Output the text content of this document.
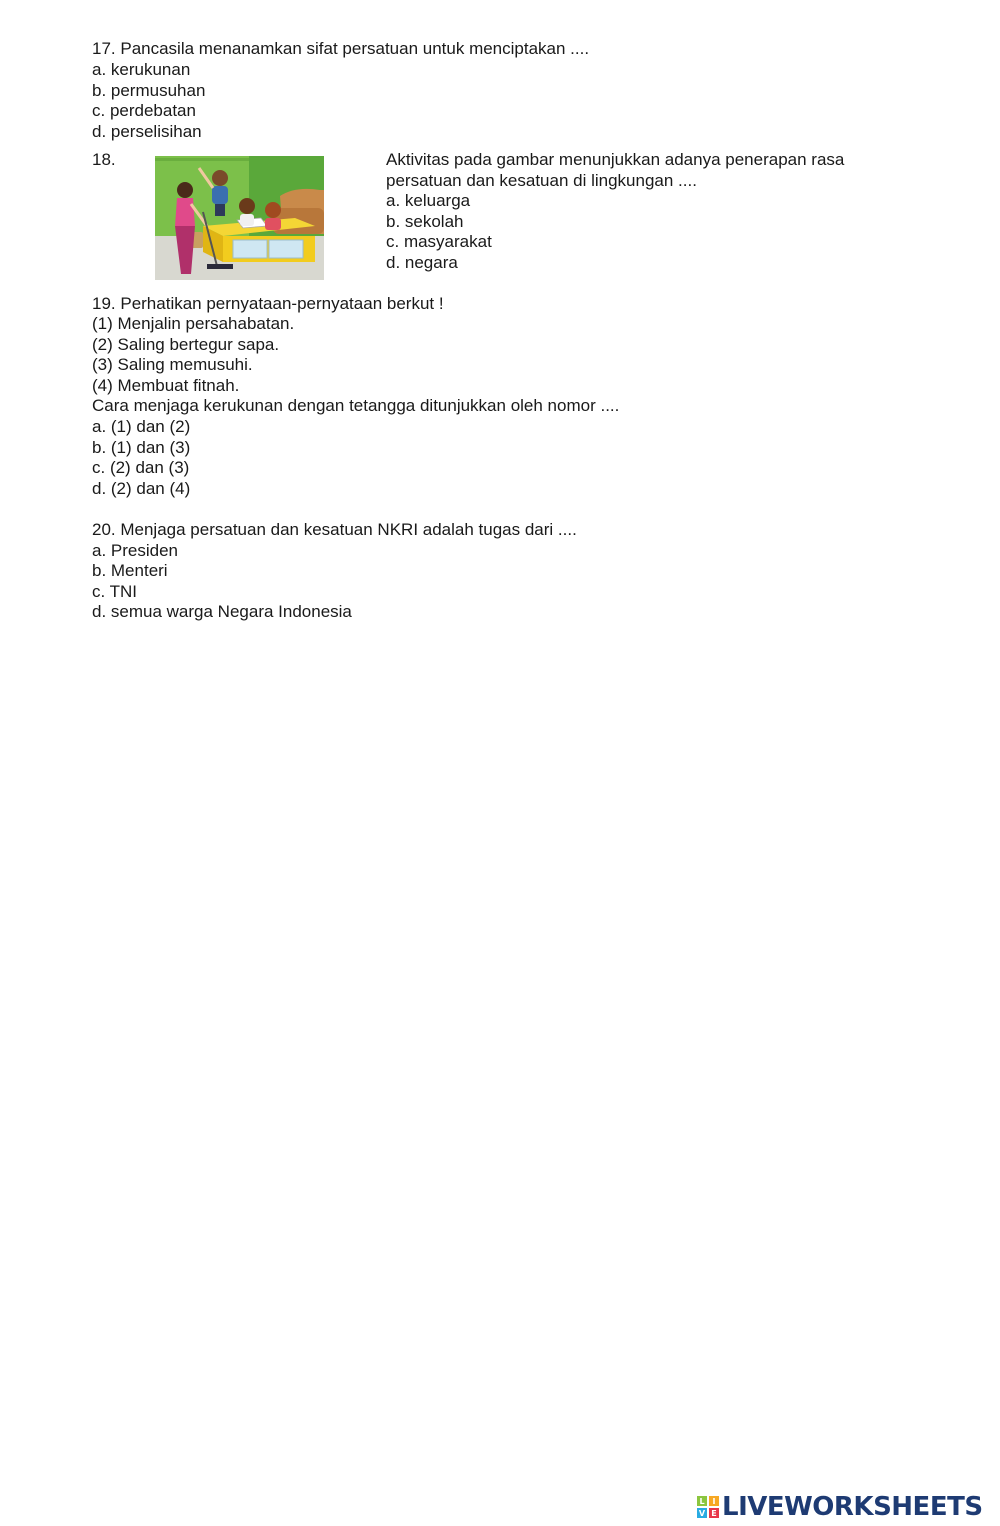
17. Pancasila menanamkan sifat persatuan untuk menciptakan ....
a. kerukunan
b. permusuhan
c. perdebatan
d. perselisihan
18.	Aktivitas pada gambar menunjukkan adanya penerapan rasa
persatuan dan kesatuan di lingkungan ....
a. keluarga
b. sekolah
c. masyarakat
d. negara
19. Perhatikan pernyataan-pernyataan berkut !
(1) Menjalin persahabatan.
(2) Saling bertegur sapa.
(3) Saling memusuhi.
(4) Membuat fitnah.
Cara menjaga kerukunan dengan tetangga ditunjukkan oleh nomor ....
a. (1) dan (2)
b. (1) dan (3)
c. (2) dan (3)
d. (2) dan (4)
20. Menjaga persatuan dan kesatuan NKRI adalah tugas dari ....
a. Presiden
b. Menteri
c. TNI
d. semua warga Negara Indonesia
L I
V E LIVEWORKSHEETS
